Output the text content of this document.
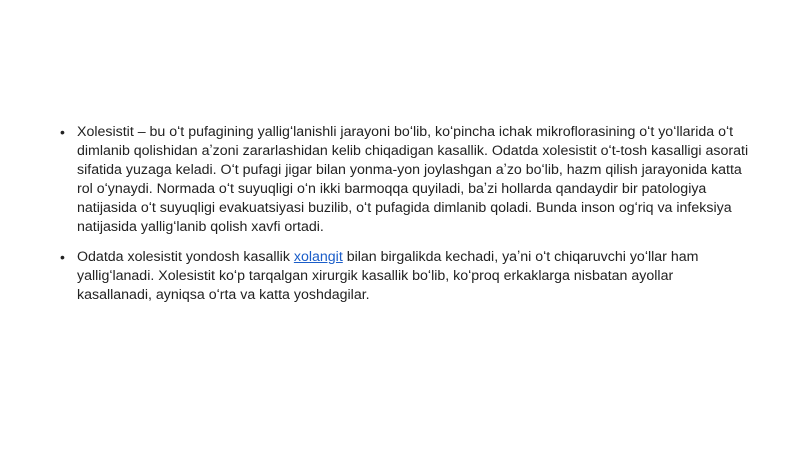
• Xolesistit – bu oʻt pufagining yalligʻlanishli jarayoni boʻlib, koʻpincha ichak mikroflorasining oʻt yoʻllarida oʻt dimlanib qolishidan aʼzoni zararlashidan kelib chiqadigan kasallik. Odatda xolesistit oʻt-tosh kasalligi asorati sifatida yuzaga keladi. Oʻt pufagi jigar bilan yonma-yon joylashgan aʼzo boʻlib, hazm qilish jarayonida katta rol oʻynaydi. Normada oʻt suyuqligi oʻn ikki barmoqqa quyiladi, baʼzi hollarda qandaydir bir patologiya natijasida oʻt suyuqligi evakuatsiyasi buzilib, oʻt pufagida dimlanib qoladi. Bunda inson ogʻriq va infeksiya natijasida yalligʻlanib qolish xavfi ortadi.
• Odatda xolesistit yondosh kasallik xolangit bilan birgalikda kechadi, yaʼni oʻt chiqaruvchi yoʻllar ham yalligʻlanadi. Xolesistit koʻp tarqalgan xirurgik kasallik boʻlib, koʻproq erkaklarga nisbatan ayollar kasallanadi, ayniqsa oʻrta va katta yoshdagilar.
